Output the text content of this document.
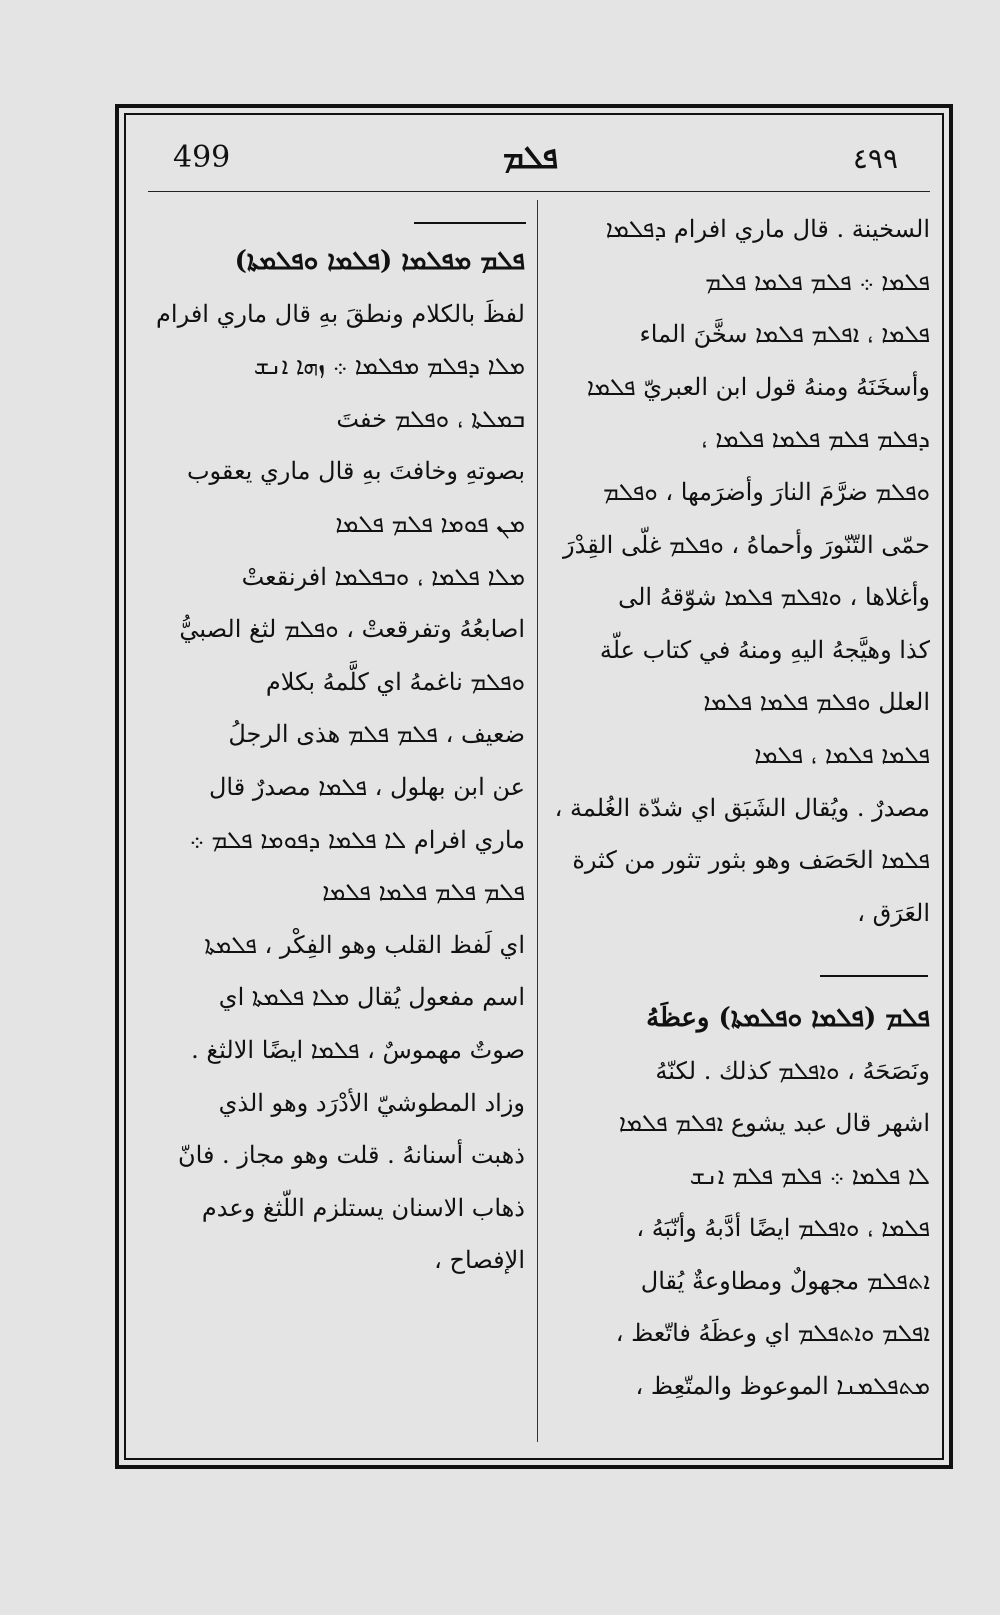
499	ܦܠܡ	٤٩٩
ܦܠܡ ܡܦܠܡܐ (ܦܠܡܐ ܘܦܠܡܬܐ)
لفظَ بالكلام ونطقَ بهِ قال ماري افرام
ܡܠܐ ܕܦܠܡ ܡܦܠܡܐ ܀ ܙܗܐ ܐܢܫ
ܒܡܠܬܐ ، ܘܦܠܡ خفتَ
بصوتهِ وخافتَ بهِ قال ماري يعقوب
ܡܢ ܦܘܡܐ ܦܠܡ ܦܠܡܐ
ܡܠܐ ܦܠܡܐ ، ܘܒܦܠܡܐ افرنقعتْ
اصابعُهُ وتفرقعتْ ، ܘܦܠܡ لثغ الصبيُّ
ܘܦܠܡ ناغمهُ اي كلَّمهُ بكلام
ضعيف ، ܦܠܡ ܦܠܡ هذى الرجلُ
عن ابن بهلول ، ܦܠܡܐ مصدرٌ قال
ماري افرام ܠܐ ܦܠܡܐ ܕܦܘܡܐ ܦܠܡ ܀
ܦܠܡ ܦܠܡ ܦܠܡܐ ܦܠܡܐ
اي لَفظ القلب وهو الفِكْر ، ܦܠܡܬܐ
اسم مفعول يُقال ܡܠܐ ܦܠܡܬܐ اي
صوتٌ مهموسٌ ، ܦܠܡܐ ايضًا الالثغ .
وزاد المطوشيّ الأدْرَد وهو الذي
ذهبت أسنانهُ . قلت وهو مجاز . فانّ
ذهاب الاسنان يستلزم اللّثغ وعدم
الإفصاح ،
السخينة . قال ماري افرام ܕܦܠܡܐ
ܦܠܡܐ ܀ ܦܠܡ ܦܠܡܐ ܦܠܡ
ܦܠܡܐ ، ܐܦܠܡ ܦܠܡܐ سخَّنَ الماء
وأسخَنَهُ ومنهُ قول ابن العبريّ ܦܠܡܐ
ܕܦܠܡ ܦܠܡ ܦܠܡܐ ܦܠܡܐ ،
ܘܦܠܡ ضرَّمَ النارَ وأضرَمها ، ܘܦܠܡ
حمّى التّنّورَ وأحماهُ ، ܘܦܠܡ غلّى القِدْرَ
وأغلاها ، ܘܐܦܠܡ ܦܠܡܐ شوّقهُ الى
كذا وهيَّجهُ اليهِ ومنهُ في كتاب علّة
العلل ܘܦܠܡ ܦܠܡܐ ܦܠܡܐ
ܦܠܡܐ ܦܠܡܐ ، ܦܠܡܐ
مصدرٌ . ويُقال الشَبَق اي شدّة الغُلمة ،
ܦܠܡܐ الحَصَف وهو بثور تثور من كثرة
العَرَق ،
ܦܠܡ (ܦܠܡܐ ܘܦܠܡܬܐ) وعظَهُ
ونَصَحَهُ ، ܘܐܦܠܡ كذلك . لكنّهُ
اشهر قال عبد يشوع ܐܦܠܡ ܦܠܡܐ
ܠܐ ܦܠܡܐ ܀ ܦܠܡ ܦܠܡ ܐܢܫ
ܦܠܡܐ ، ܘܐܦܠܡ ايضًا أدَّبهُ وأنّبَهُ ،
ܐܬܦܠܡ مجهولٌ ومطاوعةٌ يُقال
ܐܦܠܡ ܘܐܬܦܠܡ اي وعظَهُ فاتّعظ ،
ܡܬܦܠܡܢܐ الموعوظ والمتّعِظ ،
